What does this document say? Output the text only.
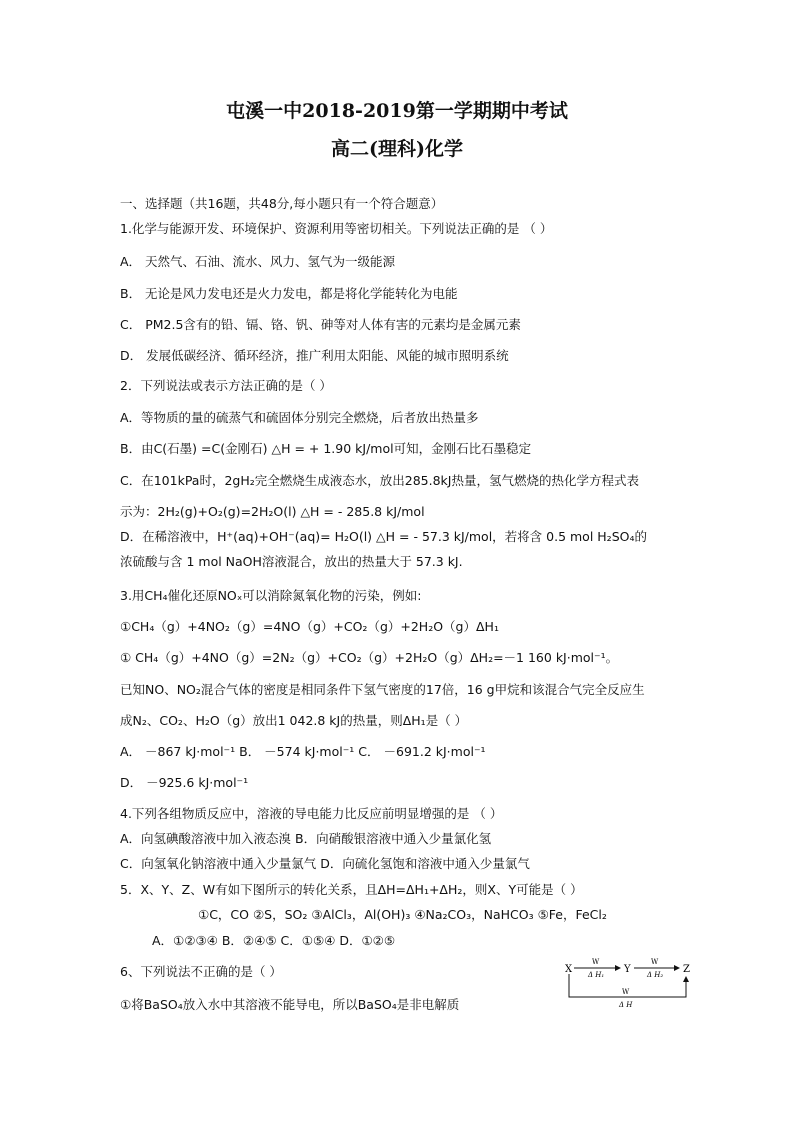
屯溪一中2018-2019第一学期期中考试
高二(理科)化学
一、选择题（共16题，共48分,每小题只有一个符合题意）
1.化学与能源开发、环境保护、资源利用等密切相关。下列说法正确的是 （ ）
A． 天然气、石油、流水、风力、氢气为一级能源
B． 无论是风力发电还是火力发电，都是将化学能转化为电能
C． PM2.5含有的铅、镉、铬、钒、砷等对人体有害的元素均是金属元素
D． 发展低碳经济、循环经济，推广利用太阳能、风能的城市照明系统
2．下列说法或表示方法正确的是（ ）
A．等物质的量的硫蒸气和硫固体分别完全燃烧，后者放出热量多
B．由C(石墨) =C(金刚石) △H = + 1.90 kJ/mol可知，金刚石比石墨稳定
C．在101kPa时，2gH₂完全燃烧生成液态水，放出285.8kJ热量，氢气燃烧的热化学方程式表
示为：2H₂(g)+O₂(g)=2H₂O(l) △H = - 285.8 kJ/mol
D．在稀溶液中，H⁺(aq)+OH⁻(aq)= H₂O(l) △H = - 57.3 kJ/mol，若将含 0.5 mol H₂SO₄的
浓硫酸与含 1 mol NaOH溶液混合，放出的热量大于 57.3 kJ.
3.用CH₄催化还原NOₓ可以消除氮氧化物的污染，例如:
①CH₄（g）+4NO₂（g）=4NO（g）+CO₂（g）+2H₂O（g）ΔH₁
① CH₄（g）+4NO（g）=2N₂（g）+CO₂（g）+2H₂O（g）ΔH₂=－1 160 kJ·mol⁻¹。
已知NO、NO₂混合气体的密度是相同条件下氢气密度的17倍，16 g甲烷和该混合气完全反应生
成N₂、CO₂、H₂O（g）放出1 042.8 kJ的热量，则ΔH₁是（ ）
A． －867 kJ·mol⁻¹ B． －574 kJ·mol⁻¹ C． －691.2 kJ·mol⁻¹
D． －925.6 kJ·mol⁻¹
4.下列各组物质反应中，溶液的导电能力比反应前明显增强的是 （ ）
A．向氢碘酸溶液中加入液态溴 B．向硝酸银溶液中通入少量氯化氢
C．向氢氧化钠溶液中通入少量氯气 D．向硫化氢饱和溶液中通入少量氯气
5．X、Y、Z、W有如下图所示的转化关系，且ΔH=ΔH₁+ΔH₂，则X、Y可能是（ ）
①C，CO ②S，SO₂ ③AlCl₃，Al(OH)₃ ④Na₂CO₃，NaHCO₃ ⑤Fe，FeCl₂
A．①②③④ B．②④⑤ C．①⑤④ D．①②⑤
6、下列说法不正确的是（ ）
①将BaSO₄放入水中其溶液不能导电，所以BaSO₄是非电解质
X	Y	Z
W	W
Δ H₁	Δ H₂
W
Δ H
